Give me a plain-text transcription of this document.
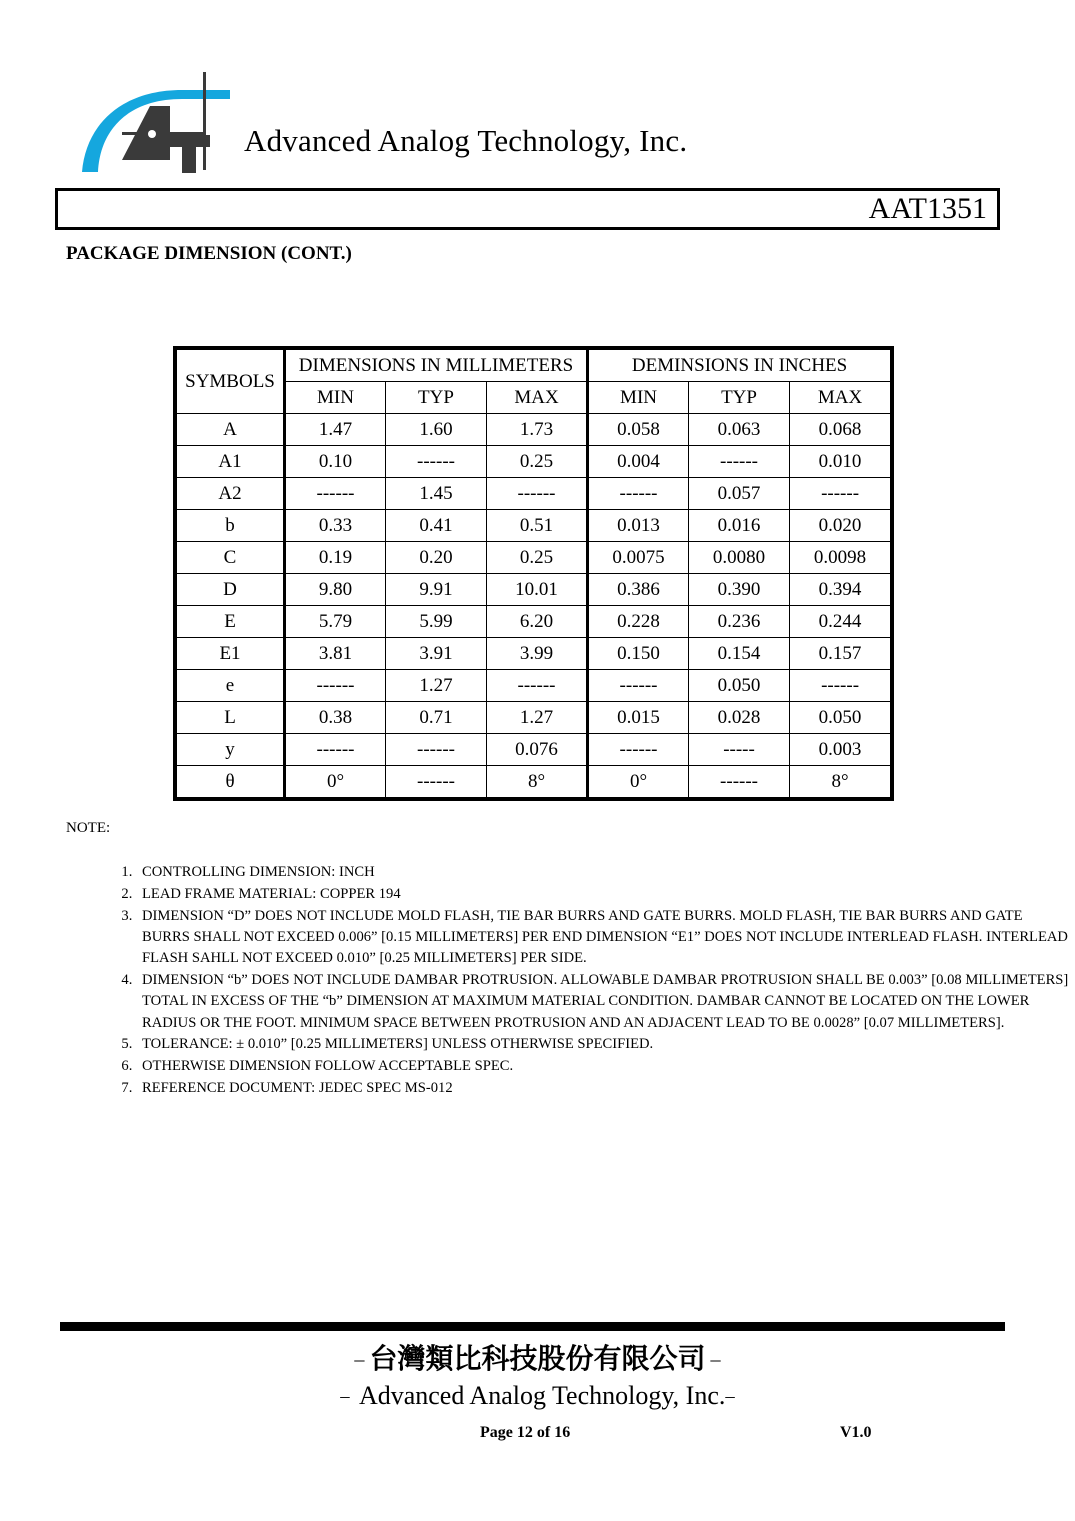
Advanced Analog Technology, Inc.
AAT1351
PACKAGE DIMENSION (CONT.)
SYMBOLS	DIMENSIONS IN MILLIMETERS			DEMINSIONS IN INCHES		
	MIN	TYP	MAX	MIN	TYP	MAX
A	1.47	1.60	1.73	0.058	0.063	0.068
A1	0.10	------	0.25	0.004	------	0.010
A2	------	1.45	------	------	0.057	------
b	0.33	0.41	0.51	0.013	0.016	0.020
C	0.19	0.20	0.25	0.0075	0.0080	0.0098
D	9.80	9.91	10.01	0.386	0.390	0.394
E	5.79	5.99	6.20	0.228	0.236	0.244
E1	3.81	3.91	3.99	0.150	0.154	0.157
e	------	1.27	------	------	0.050	------
L	0.38	0.71	1.27	0.015	0.028	0.050
y	------	------	0.076	------	-----	0.003
θ	0°	------	8°	0°	------	8°
NOTE:
1. CONTROLLING DIMENSION: INCH
2. LEAD FRAME MATERIAL: COPPER 194
3. DIMENSION “D” DOES NOT INCLUDE MOLD FLASH, TIE BAR BURRS AND GATE BURRS. MOLD FLASH, TIE BAR BURRS AND GATE BURRS SHALL NOT EXCEED 0.006” [0.15 MILLIMETERS] PER END DIMENSION “E1” DOES NOT INCLUDE INTERLEAD FLASH. INTERLEAD FLASH SAHLL NOT EXCEED 0.010” [0.25 MILLIMETERS] PER SIDE.
4. DIMENSION “b” DOES NOT INCLUDE DAMBAR PROTRUSION. ALLOWABLE DAMBAR PROTRUSION SHALL BE 0.003” [0.08 MILLIMETERS] TOTAL IN EXCESS OF THE “b” DIMENSION AT MAXIMUM MATERIAL CONDITION. DAMBAR CANNOT BE LOCATED ON THE LOWER RADIUS OR THE FOOT. MINIMUM SPACE BETWEEN PROTRUSION AND AN ADJACENT LEAD TO BE 0.0028” [0.07 MILLIMETERS].
5. TOLERANCE: ± 0.010” [0.25 MILLIMETERS] UNLESS OTHERWISE SPECIFIED.
6. OTHERWISE DIMENSION FOLLOW ACCEPTABLE SPEC.
7. REFERENCE DOCUMENT: JEDEC SPEC MS-012
– 台灣類比科技股份有限公司 –
–  Advanced Analog Technology, Inc.–
Page 12 of 16	V1.0
